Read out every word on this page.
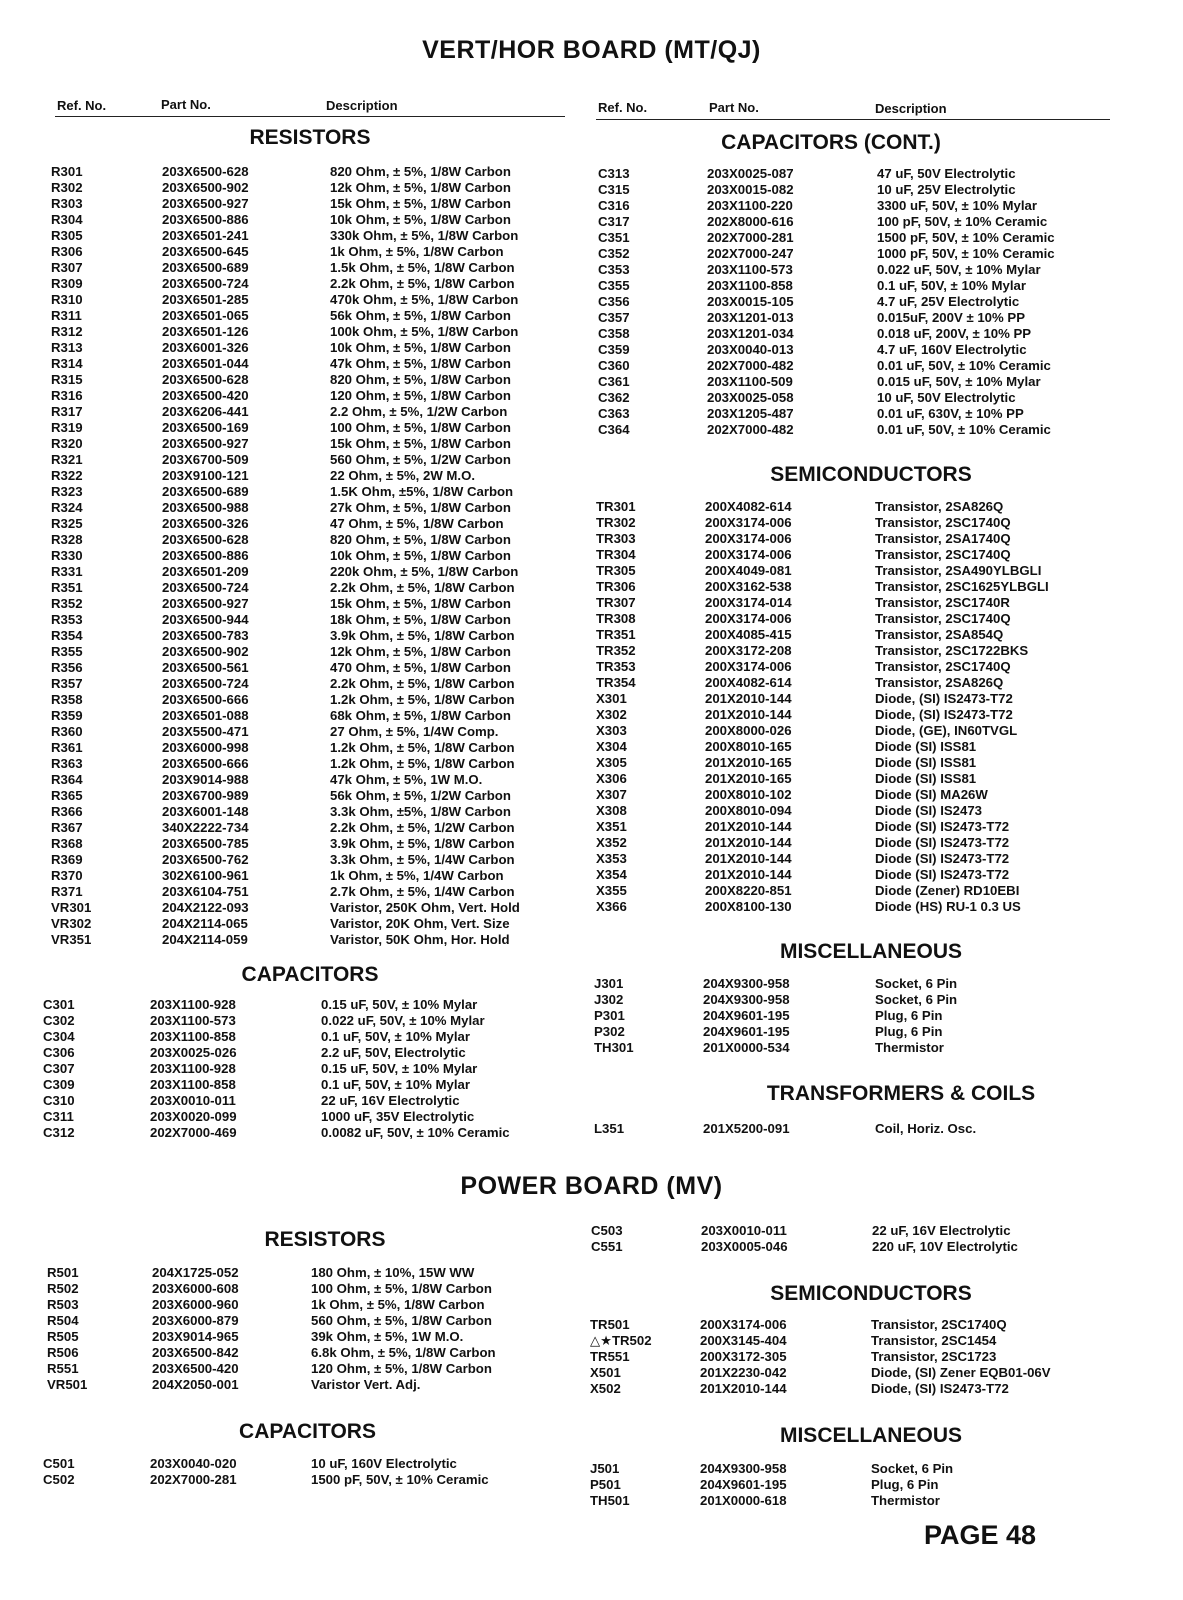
VERT/HOR BOARD (MT/QJ)
Ref. No.	Part No.	Description	Ref. No.	Part No.	Description
RESISTORS	CAPACITORS (CONT.)
SEMICONDUCTORS
MISCELLANEOUS
TRANSFORMERS & COILS
CAPACITORS
R301	203X6500-628	820 Ohm, ± 5%, 1/8W Carbon
R302	203X6500-902	12k Ohm, ± 5%, 1/8W Carbon
R303	203X6500-927	15k Ohm, ± 5%, 1/8W Carbon
R304	203X6500-886	10k Ohm, ± 5%, 1/8W Carbon
R305	203X6501-241	330k Ohm, ± 5%, 1/8W Carbon
R306	203X6500-645	1k Ohm, ± 5%, 1/8W Carbon
R307	203X6500-689	1.5k Ohm, ± 5%, 1/8W Carbon
R309	203X6500-724	2.2k Ohm, ± 5%, 1/8W Carbon
R310	203X6501-285	470k Ohm, ± 5%, 1/8W Carbon
R311	203X6501-065	56k Ohm, ± 5%, 1/8W Carbon
R312	203X6501-126	100k Ohm, ± 5%, 1/8W Carbon
R313	203X6001-326	10k Ohm, ± 5%, 1/8W Carbon
R314	203X6501-044	47k Ohm, ± 5%, 1/8W Carbon
R315	203X6500-628	820 Ohm, ± 5%, 1/8W Carbon
R316	203X6500-420	120 Ohm, ± 5%, 1/8W Carbon
R317	203X6206-441	2.2 Ohm, ± 5%, 1/2W Carbon
R319	203X6500-169	100 Ohm, ± 5%, 1/8W Carbon
R320	203X6500-927	15k Ohm, ± 5%, 1/8W Carbon
R321	203X6700-509	560 Ohm, ± 5%, 1/2W Carbon
R322	203X9100-121	22 Ohm, ± 5%, 2W M.O.
R323	203X6500-689	1.5K Ohm, ±5%, 1/8W Carbon
R324	203X6500-988	27k Ohm, ± 5%, 1/8W Carbon
R325	203X6500-326	47 Ohm, ± 5%, 1/8W Carbon
R328	203X6500-628	820 Ohm, ± 5%, 1/8W Carbon
R330	203X6500-886	10k Ohm, ± 5%, 1/8W Carbon
R331	203X6501-209	220k Ohm, ± 5%, 1/8W Carbon
R351	203X6500-724	2.2k Ohm, ± 5%, 1/8W Carbon
R352	203X6500-927	15k Ohm, ± 5%, 1/8W Carbon
R353	203X6500-944	18k Ohm, ± 5%, 1/8W Carbon
R354	203X6500-783	3.9k Ohm, ± 5%, 1/8W Carbon
R355	203X6500-902	12k Ohm, ± 5%, 1/8W Carbon
R356	203X6500-561	470 Ohm, ± 5%, 1/8W Carbon
R357	203X6500-724	2.2k Ohm, ± 5%, 1/8W Carbon
R358	203X6500-666	1.2k Ohm, ± 5%, 1/8W Carbon
R359	203X6501-088	68k Ohm, ± 5%, 1/8W Carbon
R360	203X5500-471	27 Ohm, ± 5%, 1/4W Comp.
R361	203X6000-998	1.2k Ohm, ± 5%, 1/8W Carbon
R363	203X6500-666	1.2k Ohm, ± 5%, 1/8W Carbon
R364	203X9014-988	47k Ohm, ± 5%, 1W M.O.
R365	203X6700-989	56k Ohm, ± 5%, 1/2W Carbon
R366	203X6001-148	3.3k Ohm, ±5%, 1/8W Carbon
R367	340X2222-734	2.2k Ohm, ± 5%, 1/2W Carbon
R368	203X6500-785	3.9k Ohm, ± 5%, 1/8W Carbon
R369	203X6500-762	3.3k Ohm, ± 5%, 1/4W Carbon
R370	302X6100-961	1k Ohm, ± 5%, 1/4W Carbon
R371	203X6104-751	2.7k Ohm, ± 5%, 1/4W Carbon
VR301	204X2122-093	Varistor, 250K Ohm, Vert. Hold
VR302	204X2114-065	Varistor, 20K Ohm, Vert. Size
VR351	204X2114-059	Varistor, 50K Ohm, Hor. Hold
C313	203X0025-087	47 uF, 50V Electrolytic
C315	203X0015-082	10 uF, 25V Electrolytic
C316	203X1100-220	3300 uF, 50V, ± 10% Mylar
C317	202X8000-616	100 pF, 50V, ± 10% Ceramic
C351	202X7000-281	1500 pF, 50V, ± 10% Ceramic
C352	202X7000-247	1000 pF, 50V, ± 10% Ceramic
C353	203X1100-573	0.022 uF, 50V, ± 10% Mylar
C355	203X1100-858	0.1 uF, 50V, ± 10% Mylar
C356	203X0015-105	4.7 uF, 25V Electrolytic
C357	203X1201-013	0.015uF, 200V ± 10% PP
C358	203X1201-034	0.018 uF, 200V, ± 10% PP
C359	203X0040-013	4.7 uF, 160V Electrolytic
C360	202X7000-482	0.01 uF, 50V, ± 10% Ceramic
C361	203X1100-509	0.015 uF, 50V, ± 10% Mylar
C362	203X0025-058	10 uF, 50V Electrolytic
C363	203X1205-487	0.01 uF, 630V, ± 10% PP
C364	202X7000-482	0.01 uF, 50V, ± 10% Ceramic
TR301	200X4082-614	Transistor, 2SA826Q
TR302	200X3174-006	Transistor, 2SC1740Q
TR303	200X3174-006	Transistor, 2SA1740Q
TR304	200X3174-006	Transistor, 2SC1740Q
TR305	200X4049-081	Transistor, 2SA490YLBGLI
TR306	200X3162-538	Transistor, 2SC1625YLBGLI
TR307	200X3174-014	Transistor, 2SC1740R
TR308	200X3174-006	Transistor, 2SC1740Q
TR351	200X4085-415	Transistor, 2SA854Q
TR352	200X3172-208	Transistor, 2SC1722BKS
TR353	200X3174-006	Transistor, 2SC1740Q
TR354	200X4082-614	Transistor, 2SA826Q
X301	201X2010-144	Diode, (SI) IS2473-T72
X302	201X2010-144	Diode, (SI) IS2473-T72
X303	200X8000-026	Diode, (GE), IN60TVGL
X304	200X8010-165	Diode (SI) ISS81
X305	201X2010-165	Diode (SI) ISS81
X306	201X2010-165	Diode (SI) ISS81
X307	200X8010-102	Diode (SI) MA26W
X308	200X8010-094	Diode (SI) IS2473
X351	201X2010-144	Diode (SI) IS2473-T72
X352	201X2010-144	Diode (SI) IS2473-T72
X353	201X2010-144	Diode (SI) IS2473-T72
X354	201X2010-144	Diode (SI) IS2473-T72
X355	200X8220-851	Diode (Zener) RD10EBI
X366	200X8100-130	Diode (HS) RU-1 0.3 US
C301	203X1100-928	0.15 uF, 50V, ± 10% Mylar
C302	203X1100-573	0.022 uF, 50V, ± 10% Mylar
C304	203X1100-858	0.1 uF, 50V, ± 10% Mylar
C306	203X0025-026	2.2 uF, 50V, Electrolytic
C307	203X1100-928	0.15 uF, 50V, ± 10% Mylar
C309	203X1100-858	0.1 uF, 50V, ± 10% Mylar
C310	203X0010-011	22 uF, 16V Electrolytic
C311	203X0020-099	1000 uF, 35V Electrolytic
C312	202X7000-469	0.0082 uF, 50V, ± 10% Ceramic
J301	204X9300-958	Socket, 6 Pin
J302	204X9300-958	Socket, 6 Pin
P301	204X9601-195	Plug, 6 Pin
P302	204X9601-195	Plug, 6 Pin
TH301	201X0000-534	Thermistor
L351	201X5200-091	Coil, Horiz. Osc.
POWER BOARD (MV)
RESISTORS
CAPACITORS
SEMICONDUCTORS
MISCELLANEOUS
R501	204X1725-052	180 Ohm, ± 10%, 15W WW
R502	203X6000-608	100 Ohm, ± 5%, 1/8W Carbon
R503	203X6000-960	1k Ohm, ± 5%, 1/8W Carbon
R504	203X6000-879	560 Ohm, ± 5%, 1/8W Carbon
R505	203X9014-965	39k Ohm, ± 5%, 1W M.O.
R506	203X6500-842	6.8k Ohm, ± 5%, 1/8W Carbon
R551	203X6500-420	120 Ohm, ± 5%, 1/8W Carbon
VR501	204X2050-001	Varistor Vert. Adj.
C501	203X0040-020	10 uF, 160V Electrolytic
C502	202X7000-281	1500 pF, 50V, ± 10% Ceramic
C503	203X0010-011	22 uF, 16V Electrolytic
C551	203X0005-046	220 uF, 10V Electrolytic
TR501	200X3174-006	Transistor, 2SC1740Q
△★TR502	200X3145-404	Transistor, 2SC1454
TR551	200X3172-305	Transistor, 2SC1723
X501	201X2230-042	Diode, (SI) Zener EQB01-06V
X502	201X2010-144	Diode, (SI) IS2473-T72
J501	204X9300-958	Socket, 6 Pin
P501	204X9601-195	Plug, 6 Pin
TH501	201X0000-618	Thermistor
PAGE 48
